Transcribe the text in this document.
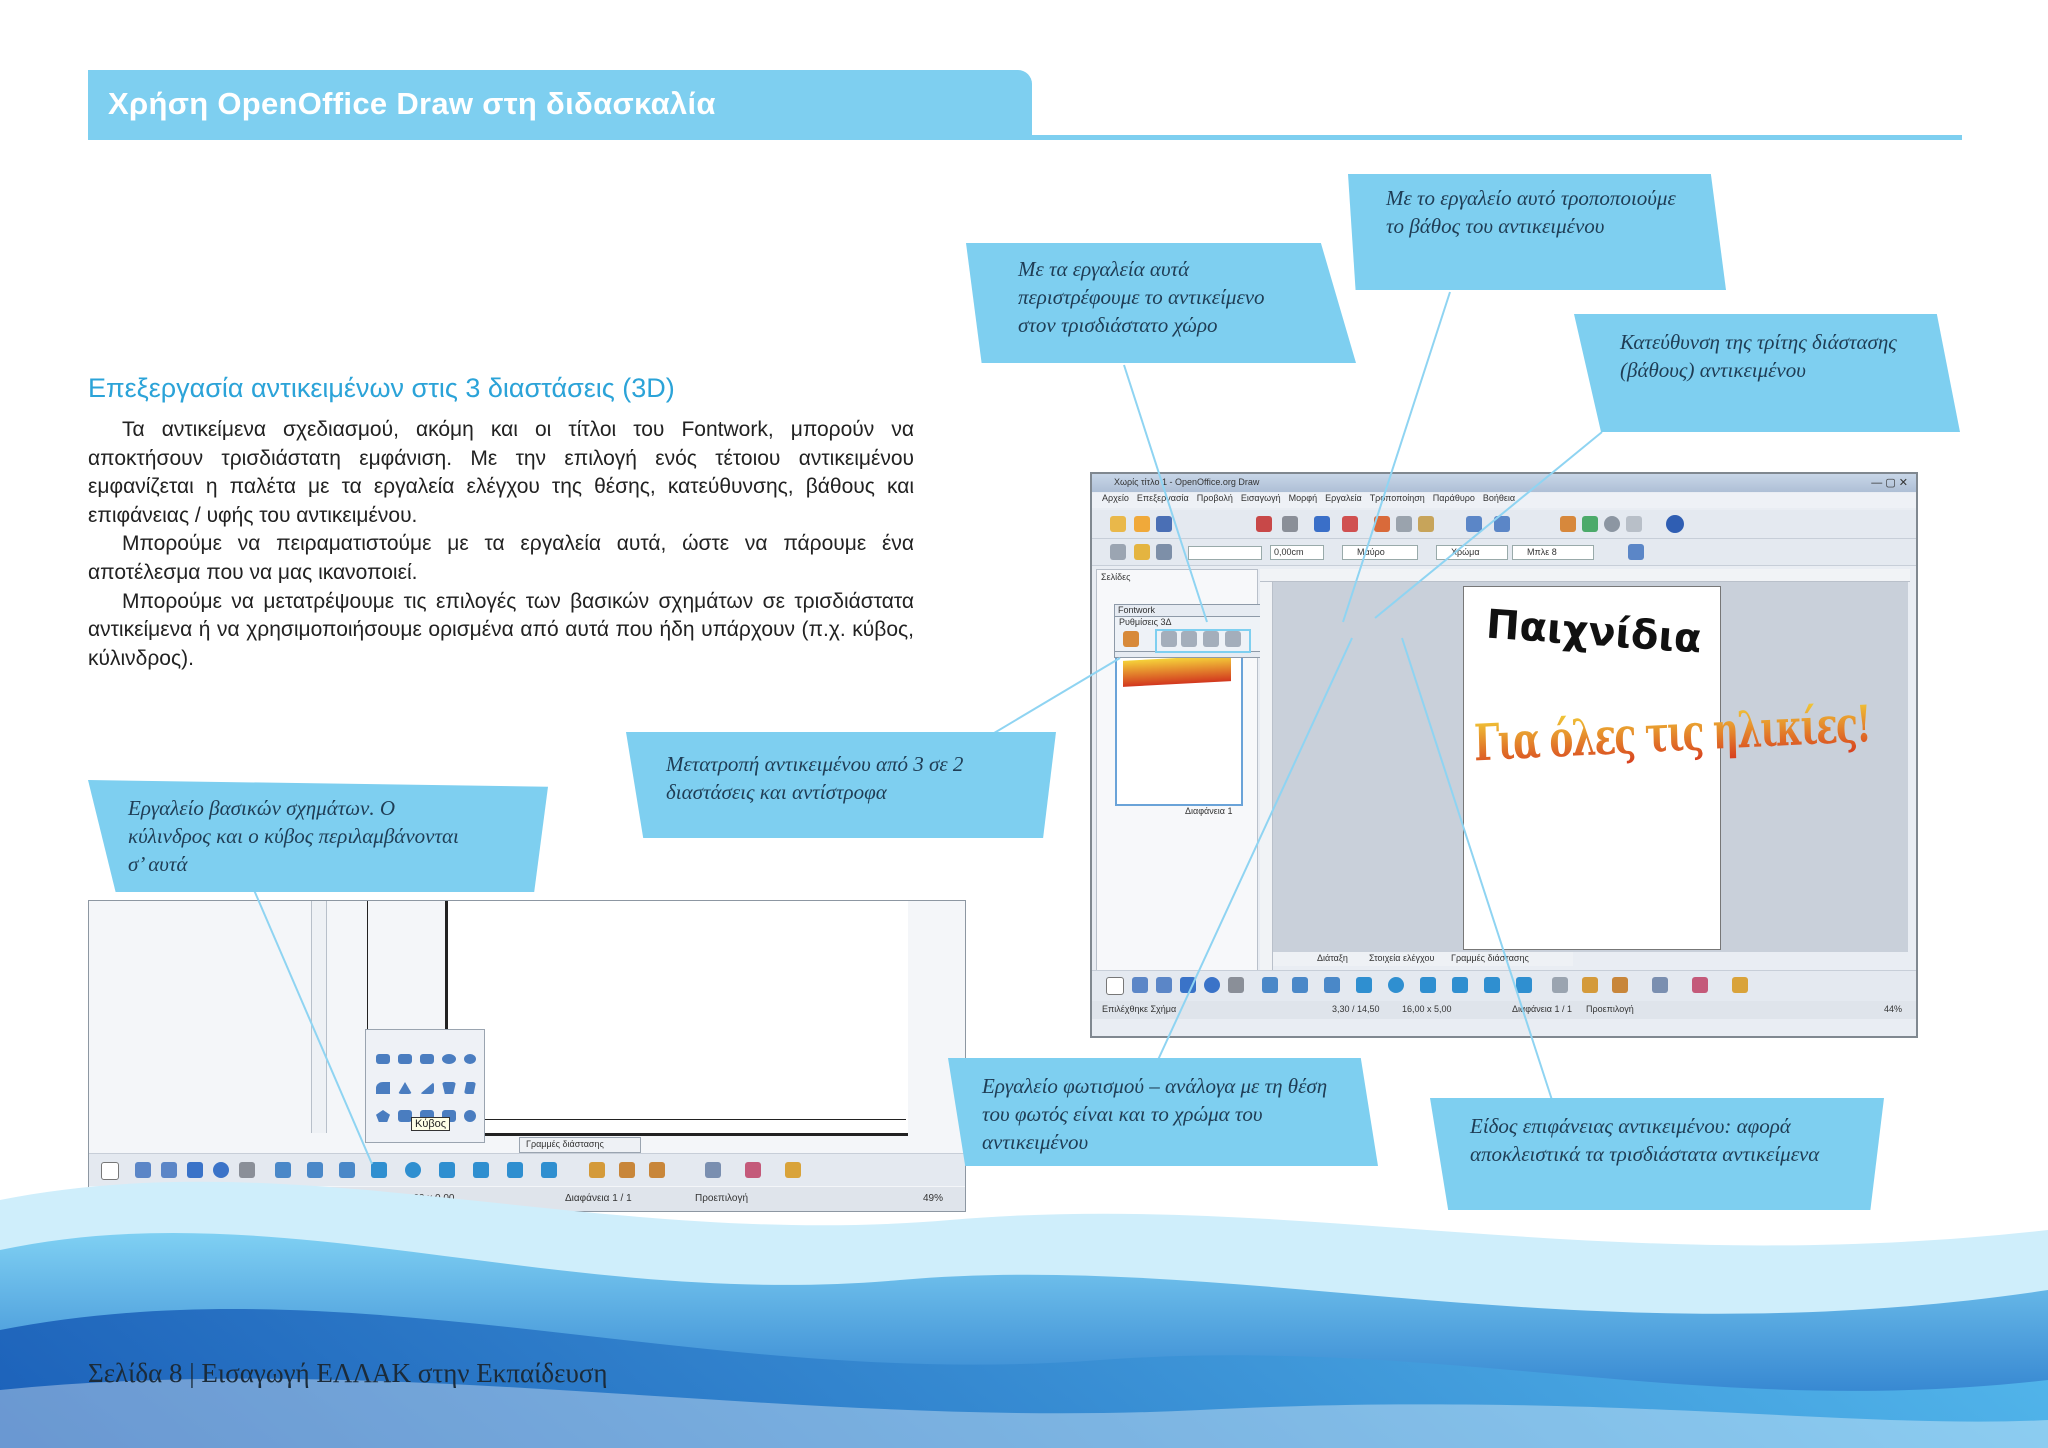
Χρήση OpenOffice Draw στη διδασκαλία
Επεξεργασία αντικειμένων στις 3 διαστάσεις (3D)

Τα αντικείμενα σχεδιασμού, ακόμη και οι τίτλοι του Fontwork, μπορούν να αποκτήσουν τρισδιάστατη εμφάνιση. Με την επιλογή ενός τέτοιου αντικειμένου εμφανίζεται η παλέτα με τα εργαλεία ελέγχου της θέσης, κατεύθυνσης, βάθους και επιφάνειας / υφής του αντικειμένου.

Μπορούμε να πειραματιστούμε με τα εργαλεία αυτά, ώστε να πάρουμε ένα αποτέλεσμα που να μας ικανοποιεί.

Μπορούμε να μετατρέψουμε τις επιλογές των βασικών σχημάτων σε τρισδιάστατα αντικείμενα ή να χρησιμοποιήσουμε ορισμένα από αυτά που ήδη υπάρχουν (π.χ. κύβος, κύλινδρος).

Χωρίς τίτλο 1 - OpenOffice.org Draw	— ▢ ✕
Αρχείο Επεξεργασία Προβολή Εισαγωγή Μορφή Εργαλεία Τροποποίηση Παράθυρο Βοήθεια
0,00cm	Μαύρο	Χρώμα	Μπλε 8
Σελίδες
Διαφάνεια 1
Fontwork
Ρυθμίσεις 3Δ	Παιχνίδια
Για όλες τις ηλικίες!
Διάταξη Στοιχεία ελέγχου Γραμμές διάστασης
Επιλέχθηκε Σχήμα	3,30 / 14,50 16,00 x 5,00	Διαφάνεια 1 / 1 Προεπιλογή	44%
Κύβος
Γραμμές διάστασης
Διαφάνεια 1 / 1	Προεπιλογή	49%
Με τα εργαλεία αυτά περιστρέφουμε το αντικείμενο στον τρισδιάστατο χώρο
Με το εργαλείο αυτό τροποποιούμε το βάθος του αντικειμένου
Κατεύθυνση της τρίτης διάστασης (βάθους) αντικειμένου
Μετατροπή αντικειμένου από 3 σε 2 διαστάσεις και αντίστροφα
Εργαλείο βασικών σχημάτων. Ο κύλινδρος και ο κύβος περιλαμβάνονται σ’ αυτά
Εργαλείο φωτισμού – ανάλογα με τη θέση του φωτός είναι και το χρώμα του αντικειμένου
Είδος επιφάνειας αντικειμένου: αφορά αποκλειστικά τα τρισδιάστατα αντικείμενα
Σελίδα 8 | Εισαγωγή ΕΛΛΑΚ στην Εκπαίδευση
